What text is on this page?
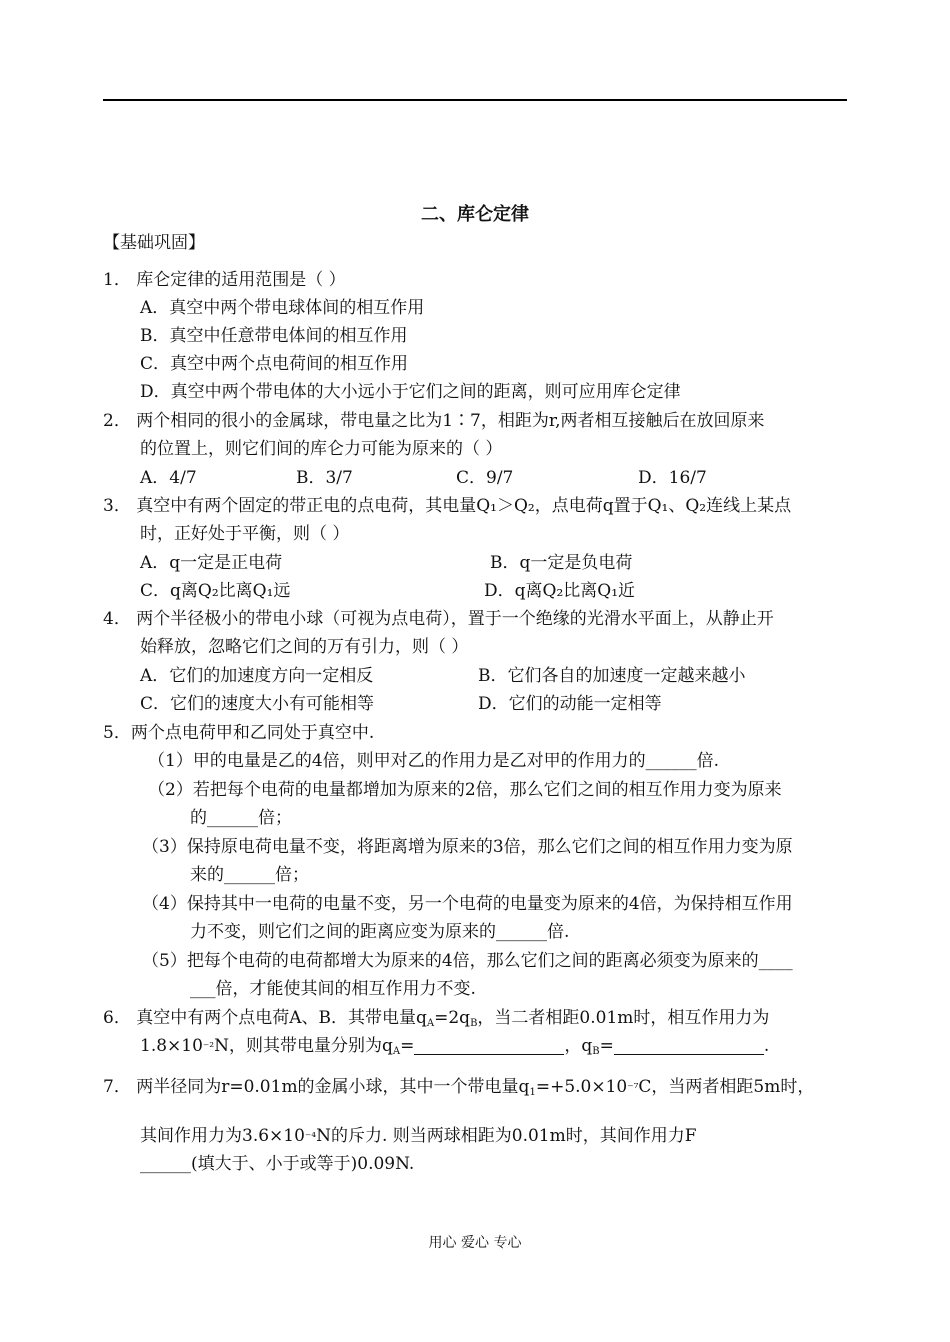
二、库仑定律
【基础巩固】
1． 库仑定律的适用范围是（ ）
A．真空中两个带电球体间的相互作用
B．真空中任意带电体间的相互作用
C．真空中两个点电荷间的相互作用
D．真空中两个带电体的大小远小于它们之间的距离，则可应用库仑定律
2． 两个相同的很小的金属球，带电量之比为1∶7，相距为r,两者相互接触后在放回原来
的位置上，则它们间的库仑力可能为原来的（ ）
A．4/7	B．3/7	C．9/7	D．16/7
3． 真空中有两个固定的带正电的点电荷，其电量Q₁＞Q₂，点电荷q置于Q₁、Q₂连线上某点
时，正好处于平衡，则（ ）
A．q一定是正电荷	B．q一定是负电荷
C．q离Q₂比离Q₁远	D．q离Q₂比离Q₁近
4． 两个半径极小的带电小球（可视为点电荷），置于一个绝缘的光滑水平面上，从静止开
始释放，忽略它们之间的万有引力，则（ ）
A．它们的加速度方向一定相反	B．它们各自的加速度一定越来越小
C．它们的速度大小有可能相等	D．它们的动能一定相等
5．两个点电荷甲和乙同处于真空中.
（1）甲的电量是乙的4倍，则甲对乙的作用力是乙对甲的作用力的______倍.
（2）若把每个电荷的电量都增加为原来的2倍，那么它们之间的相互作用力变为原来
的______倍；
（3）保持原电荷电量不变，将距离增为原来的3倍，那么它们之间的相互作用力变为原
来的______倍；
（4）保持其中一电荷的电量不变，另一个电荷的电量变为原来的4倍，为保持相互作用
力不变，则它们之间的距离应变为原来的______倍.
（5）把每个电荷的电荷都增大为原来的4倍，那么它们之间的距离必须变为原来的____
___倍，才能使其间的相互作用力不变.
6． 真空中有两个点电荷A、B．其带电量$q_A=2q_B$，当二者相距0.01m时，相互作用力为
1.8×10⁻²N，则其带电量分别为$q_A=$	，$q_B=$	.
7． 两半径同为r=0.01m的金属小球，其中一个带电量$q_1=+5.0\times 10^{-7}C$，当两者相距5m时，
其间作用力为3.6×10⁻⁴N的斥力. 则当两球相距为0.01m时，其间作用力F
______(填大于、小于或等于)0.09N.
用心 爱心 专心
